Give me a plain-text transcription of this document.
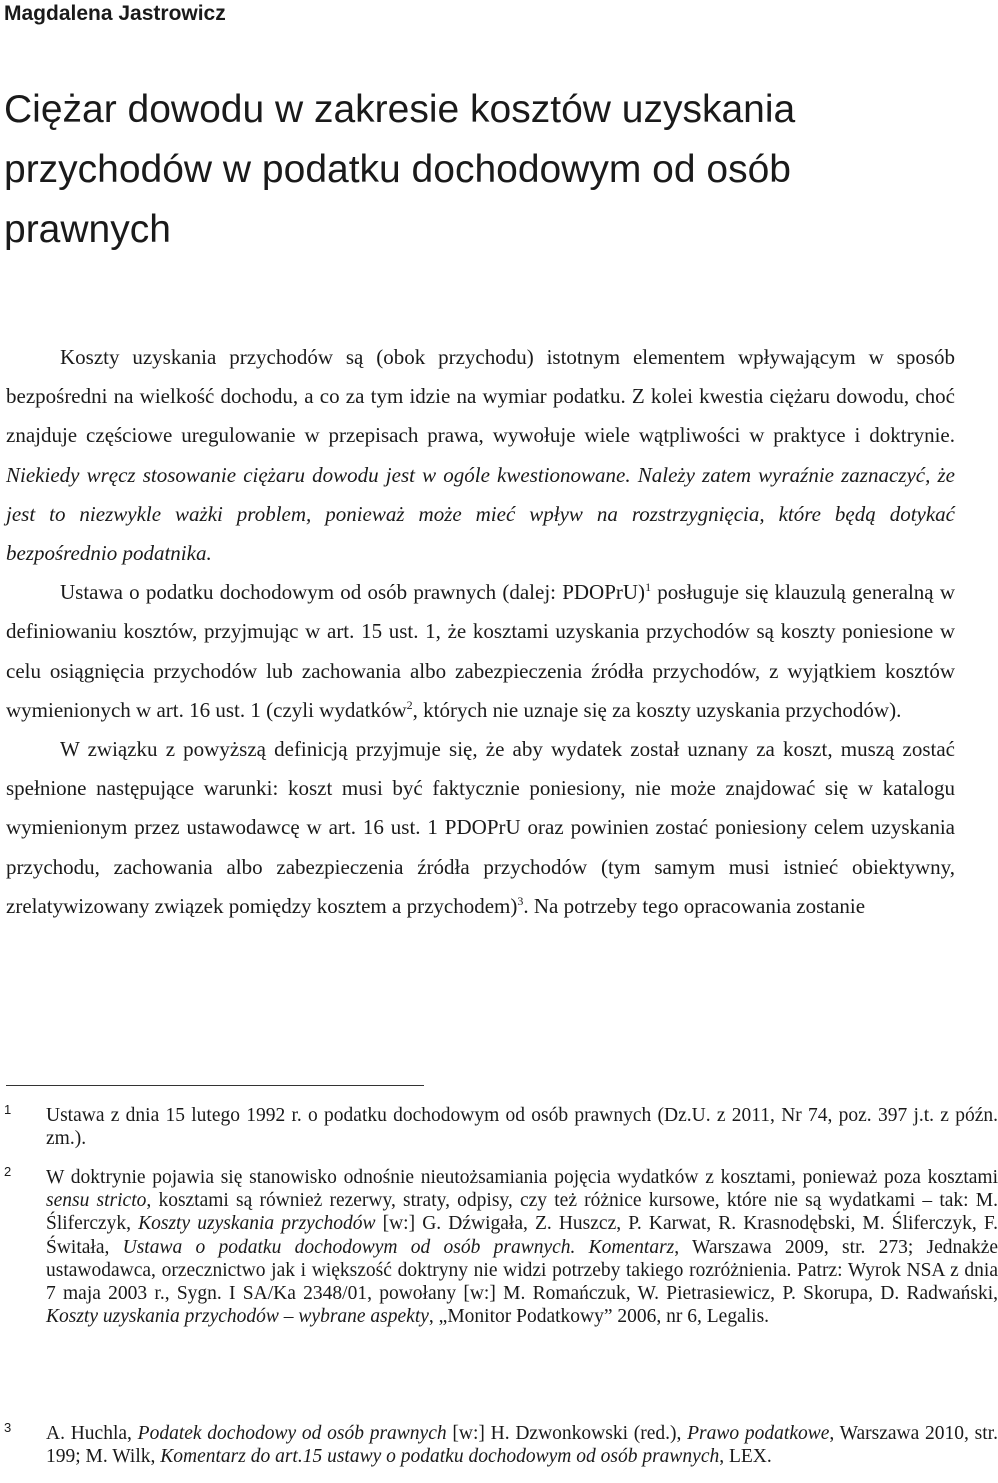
Magdalena Jastrowicz
Ciężar dowodu w zakresie kosztów uzyskania przychodów w podatku dochodowym od osób prawnych

Koszty uzyskania przychodów są (obok przychodu) istotnym elementem wpływającym w sposób bezpośredni na wielkość dochodu, a co za tym idzie na wymiar podatku. Z kolei kwestia ciężaru dowodu, choć znajduje częściowe uregulowanie w przepisach prawa, wywołuje wiele wątpliwości w praktyce i doktrynie. Niekiedy wręcz stosowanie ciężaru dowodu jest w ogóle kwestionowane. Należy zatem wyraźnie zaznaczyć, że jest to niezwykle ważki problem, ponieważ może mieć wpływ na rozstrzygnięcia, które będą dotykać bezpośrednio podatnika.

Ustawa o podatku dochodowym od osób prawnych (dalej: PDOPrU)$^1$ posługuje się klauzulą generalną w definiowaniu kosztów, przyjmując w art. 15 ust. 1, że kosztami uzyskania przychodów są koszty poniesione w celu osiągnięcia przychodów lub zachowania albo zabezpieczenia źródła przychodów, z wyjątkiem kosztów wymienionych w art. 16 ust. 1 (czyli wydatków$^2$, których nie uznaje się za koszty uzyskania przychodów).

W związku z powyższą definicją przyjmuje się, że aby wydatek został uznany za koszt, muszą zostać spełnione następujące warunki: koszt musi być faktycznie poniesiony, nie może znajdować się w katalogu wymienionym przez ustawodawcę w art. 16 ust. 1 PDOPrU oraz powinien zostać poniesiony celem uzyskania przychodu, zachowania albo zabezpieczenia źródła przychodów (tym samym musi istnieć obiektywny, zrelatywizowany związek pomiędzy kosztem a przychodem)$^3$. Na potrzeby tego opracowania zostanie

1 Ustawa z dnia 15 lutego 1992 r. o podatku dochodowym od osób prawnych (Dz.U. z 2011, Nr 74, poz. 397 j.t. z późn. zm.).
2 W doktrynie pojawia się stanowisko odnośnie nieutożsamiania pojęcia wydatków z kosztami, ponieważ poza kosztami sensu stricto, kosztami są również rezerwy, straty, odpisy, czy też różnice kursowe, które nie są wydatkami – tak: M. Śliferczyk, Koszty uzyskania przychodów [w:] G. Dźwigała, Z. Huszcz, P. Karwat, R. Krasnodębski, M. Śliferczyk, F. Świtała, Ustawa o podatku dochodowym od osób prawnych. Komentarz, Warszawa 2009, str. 273; Jednakże ustawodawca, orzecznictwo jak i większość doktryny nie widzi potrzeby takiego rozróżnienia. Patrz: Wyrok NSA z dnia 7 maja 2003 r., Sygn. I SA/Ka 2348/01, powołany [w:] M. Romańczuk, W. Pietrasiewicz, P. Skorupa, D. Radwański, Koszty uzyskania przychodów – wybrane aspekty, „Monitor Podatkowy” 2006, nr 6, Legalis.
3 A. Huchla, Podatek dochodowy od osób prawnych [w:] H. Dzwonkowski (red.), Prawo podatkowe, Warszawa 2010, str. 199; M. Wilk, Komentarz do art.15 ustawy o podatku dochodowym od osób prawnych, LEX.
